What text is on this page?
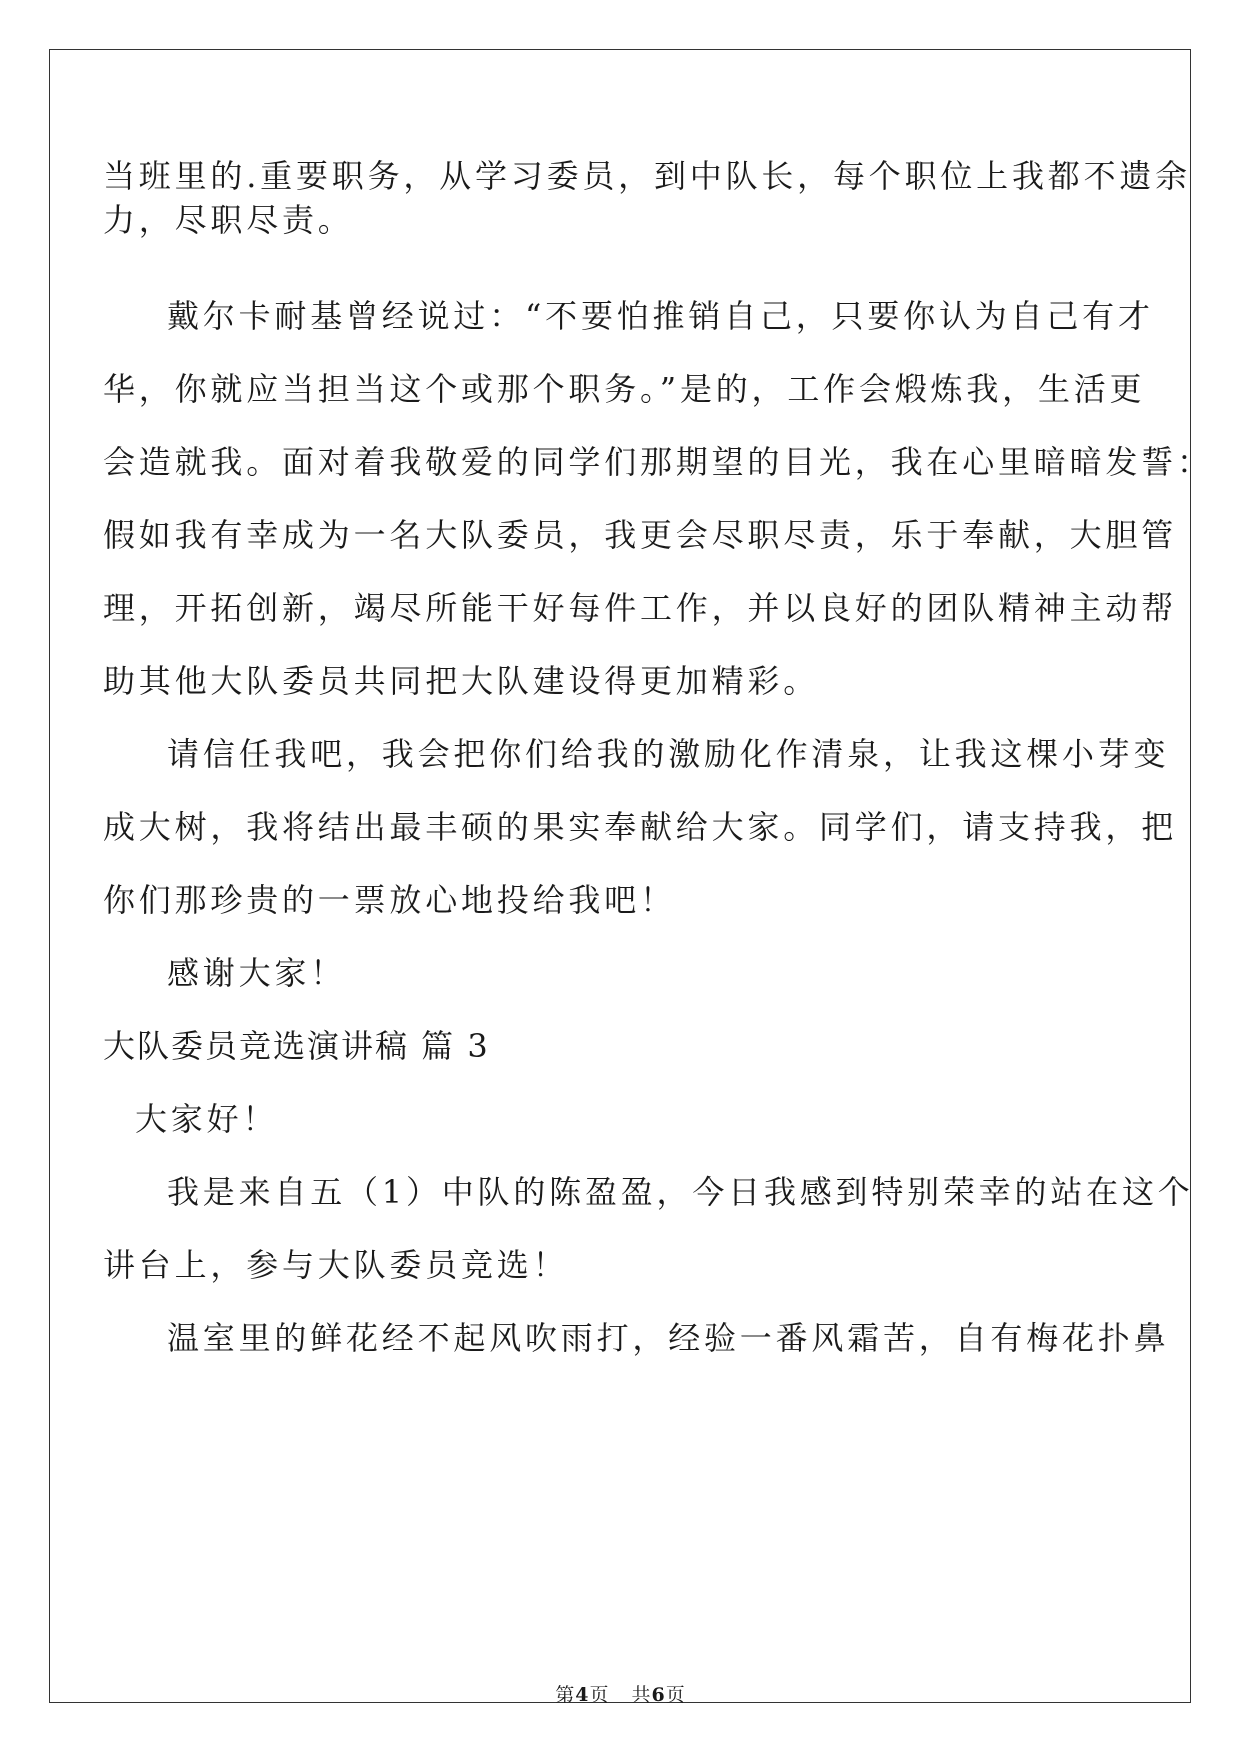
当班里的.重要职务，从学习委员，到中队长，每个职位上我都不遗余
力，尽职尽责。
戴尔卡耐基曾经说过：“不要怕推销自己，只要你认为自己有才
华，你就应当担当这个或那个职务。”是的，工作会煅炼我，生活更
会造就我。面对着我敬爱的同学们那期望的目光，我在心里暗暗发誓：
假如我有幸成为一名大队委员，我更会尽职尽责，乐于奉献，大胆管
理，开拓创新，竭尽所能干好每件工作，并以良好的团队精神主动帮
助其他大队委员共同把大队建设得更加精彩。
请信任我吧，我会把你们给我的激励化作清泉，让我这棵小芽变
成大树，我将结出最丰硕的果实奉献给大家。同学们，请支持我，把
你们那珍贵的一票放心地投给我吧！
感谢大家！
大队委员竞选演讲稿 篇 3
大家好！
我是来自五（1）中队的陈盈盈，今日我感到特别荣幸的站在这个
讲台上，参与大队委员竞选！
温室里的鲜花经不起风吹雨打，经验一番风霜苦，自有梅花扑鼻
第4页 共6页
